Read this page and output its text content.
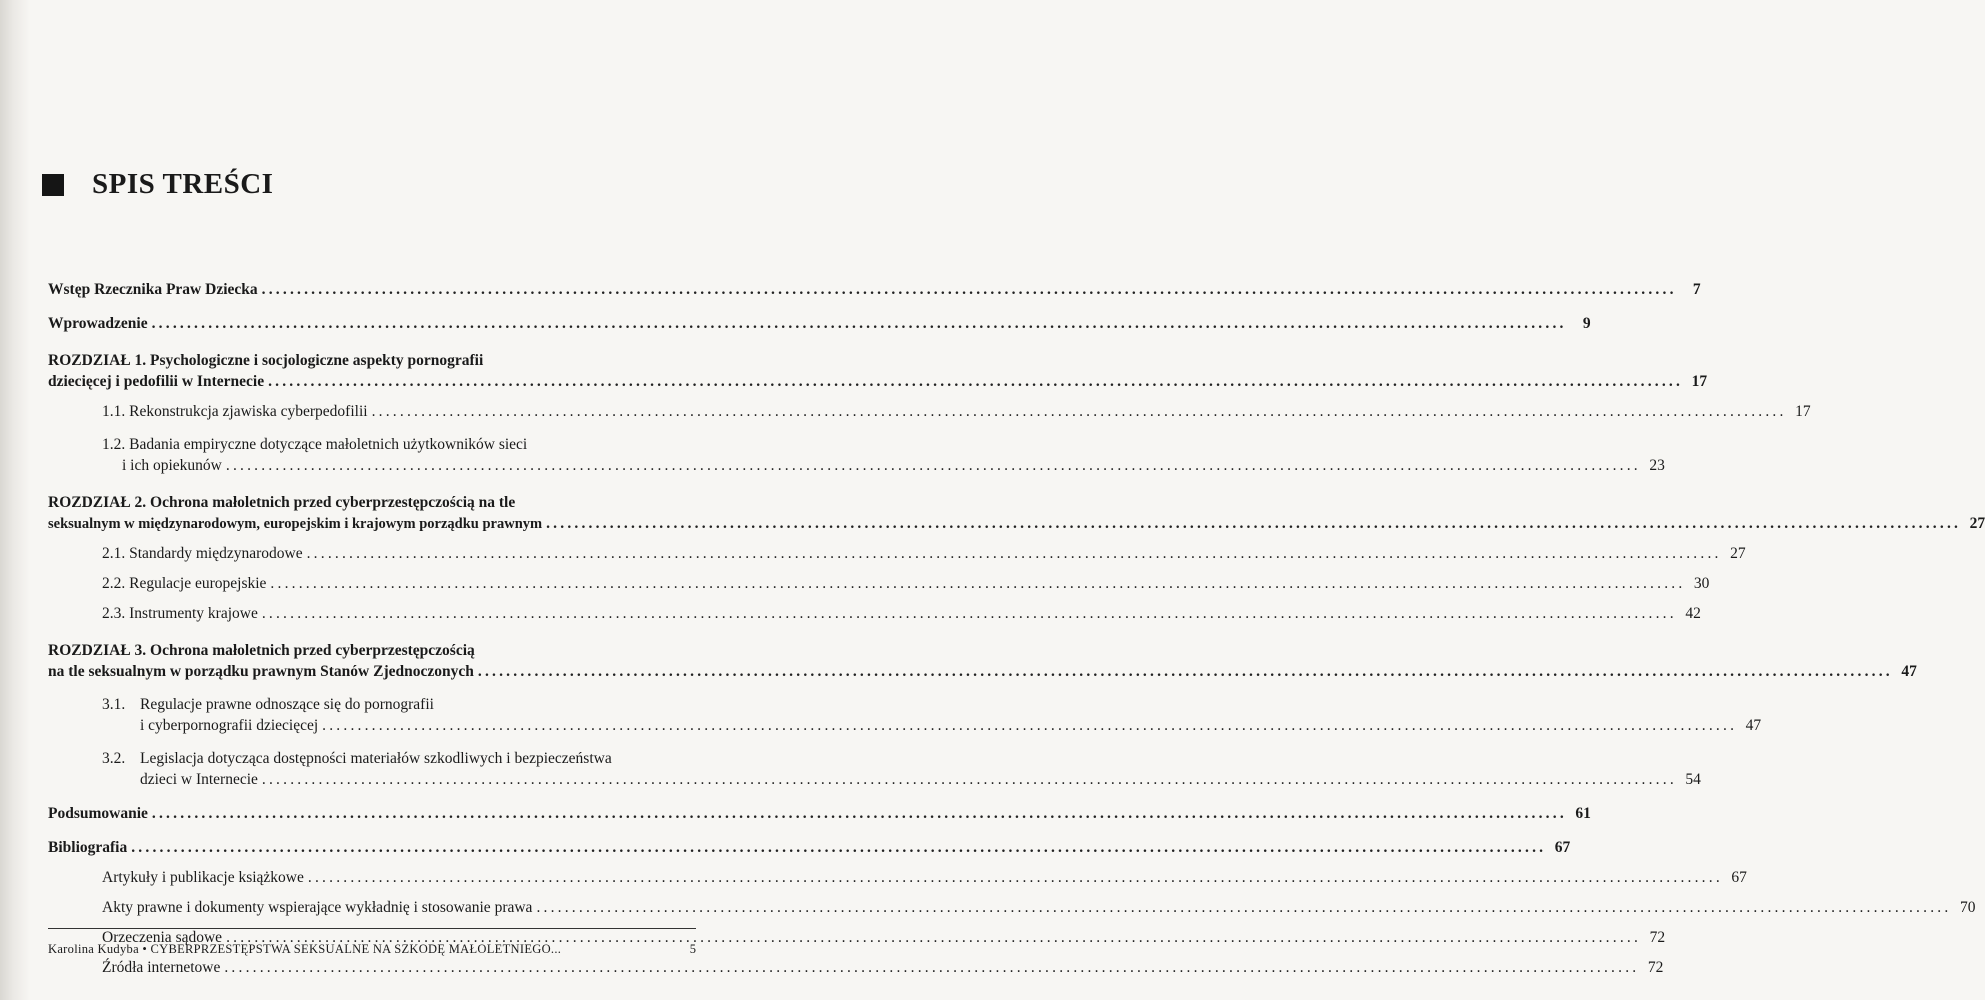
SPIS TREŚCI
Wstęp Rzecznika Praw Dziecka ........................................................................................................................................................................................................	7
Wprowadzenie ........................................................................................................................................................................................................	9
ROZDZIAŁ 1. Psychologiczne i socjologiczne aspekty pornografii
dziecięcej i pedofilii w Internecie ........................................................................................................................................................................................................ 17
1.1. Rekonstrukcja zjawiska cyberpedofilii ........................................................................................................................................................................................................ 17
1.2. Badania empiryczne dotyczące małoletnich użytkowników sieci
i ich opiekunów ........................................................................................................................................................................................................ 23
ROZDZIAŁ 2. Ochrona małoletnich przed cyberprzestępczością na tle
seksualnym w międzynarodowym, europejskim i krajowym porządku prawnym ........................................................................................................................................................................................................ 27
2.1. Standardy międzynarodowe ........................................................................................................................................................................................................ 27
2.2. Regulacje europejskie ........................................................................................................................................................................................................ 30
2.3. Instrumenty krajowe ........................................................................................................................................................................................................ 42
ROZDZIAŁ 3. Ochrona małoletnich przed cyberprzestępczością
na tle seksualnym w porządku prawnym Stanów Zjednoczonych ........................................................................................................................................................................................................ 47
3.1. Regulacje prawne odnoszące się do pornografii
i cyberpornografii dziecięcej ........................................................................................................................................................................................................ 47
3.2. Legislacja dotycząca dostępności materiałów szkodliwych i bezpieczeństwa
dzieci w Internecie ........................................................................................................................................................................................................ 54
Podsumowanie ........................................................................................................................................................................................................ 61
Bibliografia ........................................................................................................................................................................................................ 67
Artykuły i publikacje książkowe ........................................................................................................................................................................................................ 67
Akty prawne i dokumenty wspierające wykładnię i stosowanie prawa ........................................................................................................................................................................................................ 70
Orzeczenia sądowe ........................................................................................................................................................................................................ 72
Źródła internetowe ........................................................................................................................................................................................................ 72
Karolina Kudyba • CYBERPRZESTĘPSTWA SEKSUALNE NA SZKODĘ MAŁOLETNIEGO...	5
